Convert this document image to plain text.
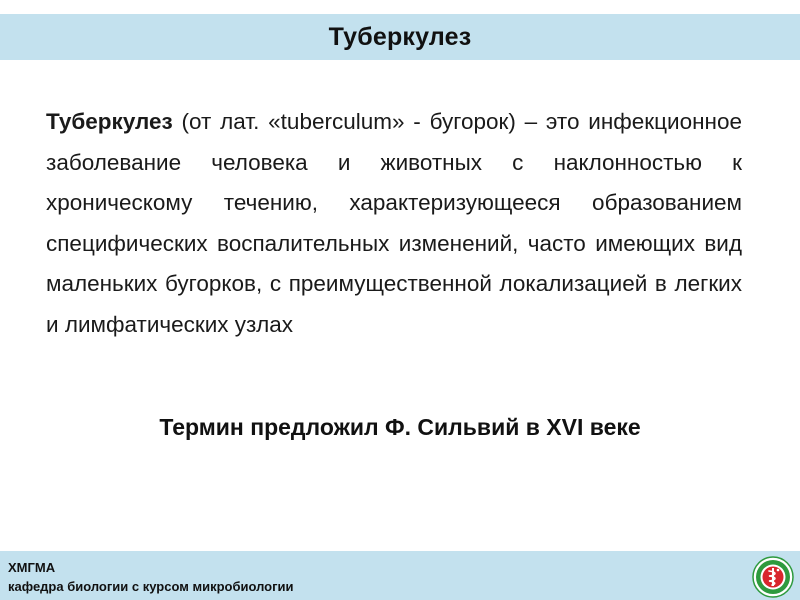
Туберкулез

Туберкулез (от лат. «tuberculum» - бугорок) – это инфекционное заболевание человека и животных с наклонностью к хроническому течению, характеризующееся образованием специфических воспалительных изменений, часто имеющих вид маленьких бугорков, с преимущественной локализацией в легких и лимфатических узлах

Термин предложил Ф. Сильвий в XVI веке
ХМГМА
кафедра биологии с курсом микробиологии
